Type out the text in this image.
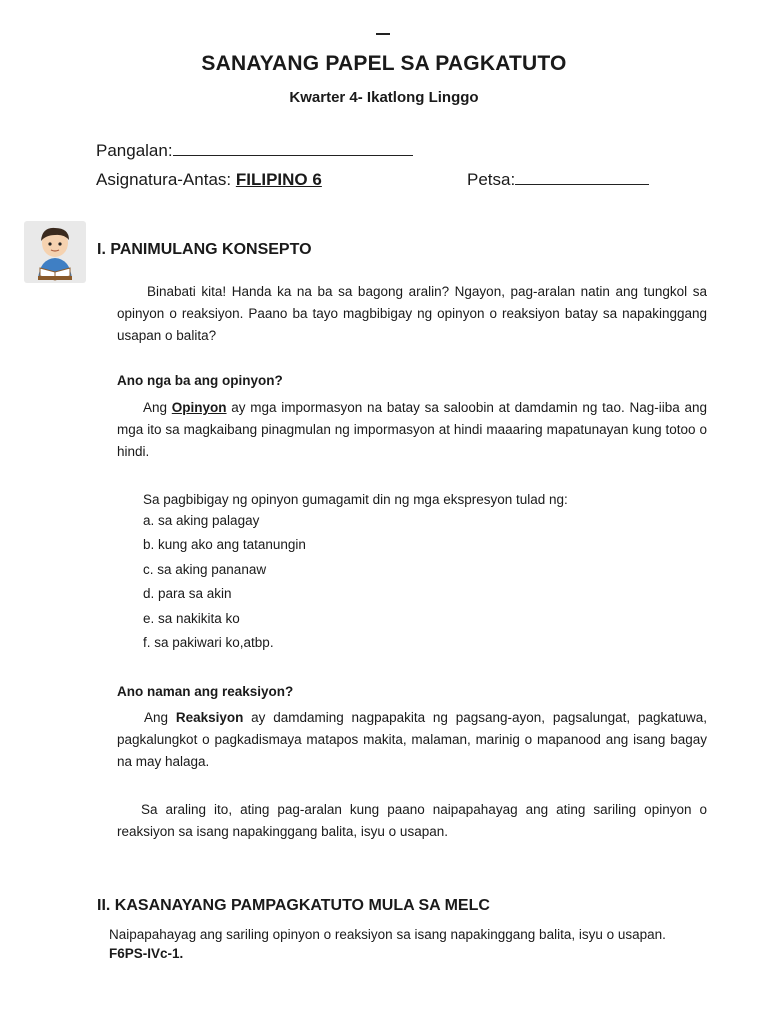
SANAYANG PAPEL SA PAGKATUTO
Kwarter 4- Ikatlong Linggo
Pangalan:
Asignatura-Antas: FILIPINO 6	Petsa:
I. PANIMULANG KONSEPTO
Binabati kita! Handa ka na ba sa bagong aralin? Ngayon, pag-aralan natin ang tungkol sa opinyon o reaksiyon. Paano ba tayo magbibigay ng opinyon o reaksiyon batay sa napakinggang usapan o balita?
Ano nga ba ang opinyon?
Ang Opinyon ay mga impormasyon na batay sa saloobin at damdamin ng tao. Nag-iiba ang mga ito sa magkaibang pinagmulan ng impormasyon at hindi maaaring mapatunayan kung totoo o hindi.
Sa pagbibigay ng opinyon gumagamit din ng mga ekspresyon tulad ng:
a. sa aking palagay
b. kung ako ang tatanungin
c. sa aking pananaw
d. para sa akin
e. sa nakikita ko
f. sa pakiwari ko,atbp.
Ano naman ang reaksiyon?
Ang Reaksiyon ay damdaming nagpapakita ng pagsang-ayon, pagsalungat, pagkatuwa, pagkalungkot o pagkadismaya matapos makita, malaman, marinig o mapanood ang isang bagay na may halaga.
Sa araling ito, ating pag-aralan kung paano naipapahayag ang ating sariling opinyon o reaksiyon sa isang napakinggang balita, isyu o usapan.
II. KASANAYANG PAMPAGKATUTO MULA SA MELC
Naipapahayag ang sariling opinyon o reaksiyon sa isang napakinggang balita, isyu o usapan.
F6PS-IVc-1.
